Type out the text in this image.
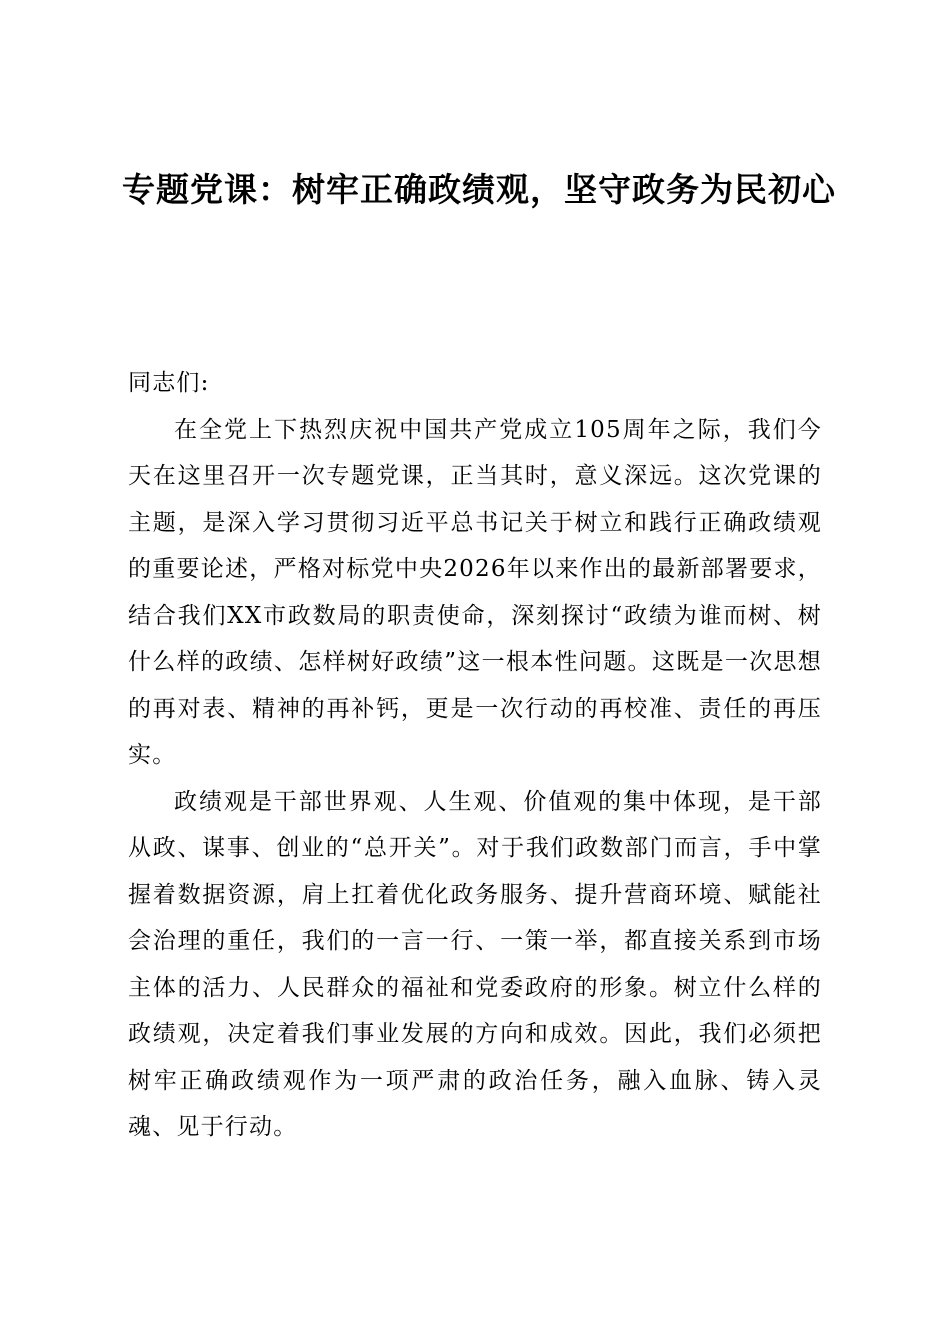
专题党课：树牢正确政绩观，坚守政务为民初心

同志们:

在全党上下热烈庆祝中国共产党成立105周年之际，我们今天在这里召开一次专题党课，正当其时，意义深远。这次党课的主题，是深入学习贯彻习近平总书记关于树立和践行正确政绩观的重要论述，严格对标党中央2026年以来作出的最新部署要求，结合我们XX市政数局的职责使命，深刻探讨“政绩为谁而树、树什么样的政绩、怎样树好政绩”这一根本性问题。这既是一次思想的再对表、精神的再补钙，更是一次行动的再校准、责任的再压实。

政绩观是干部世界观、人生观、价值观的集中体现，是干部从政、谋事、创业的“总开关”。对于我们政数部门而言，手中掌握着数据资源，肩上扛着优化政务服务、提升营商环境、赋能社会治理的重任，我们的一言一行、一策一举，都直接关系到市场主体的活力、人民群众的福祉和党委政府的形象。树立什么样的政绩观，决定着我们事业发展的方向和成效。因此，我们必须把树牢正确政绩观作为一项严肃的政治任务，融入血脉、铸入灵魂、见于行动。
